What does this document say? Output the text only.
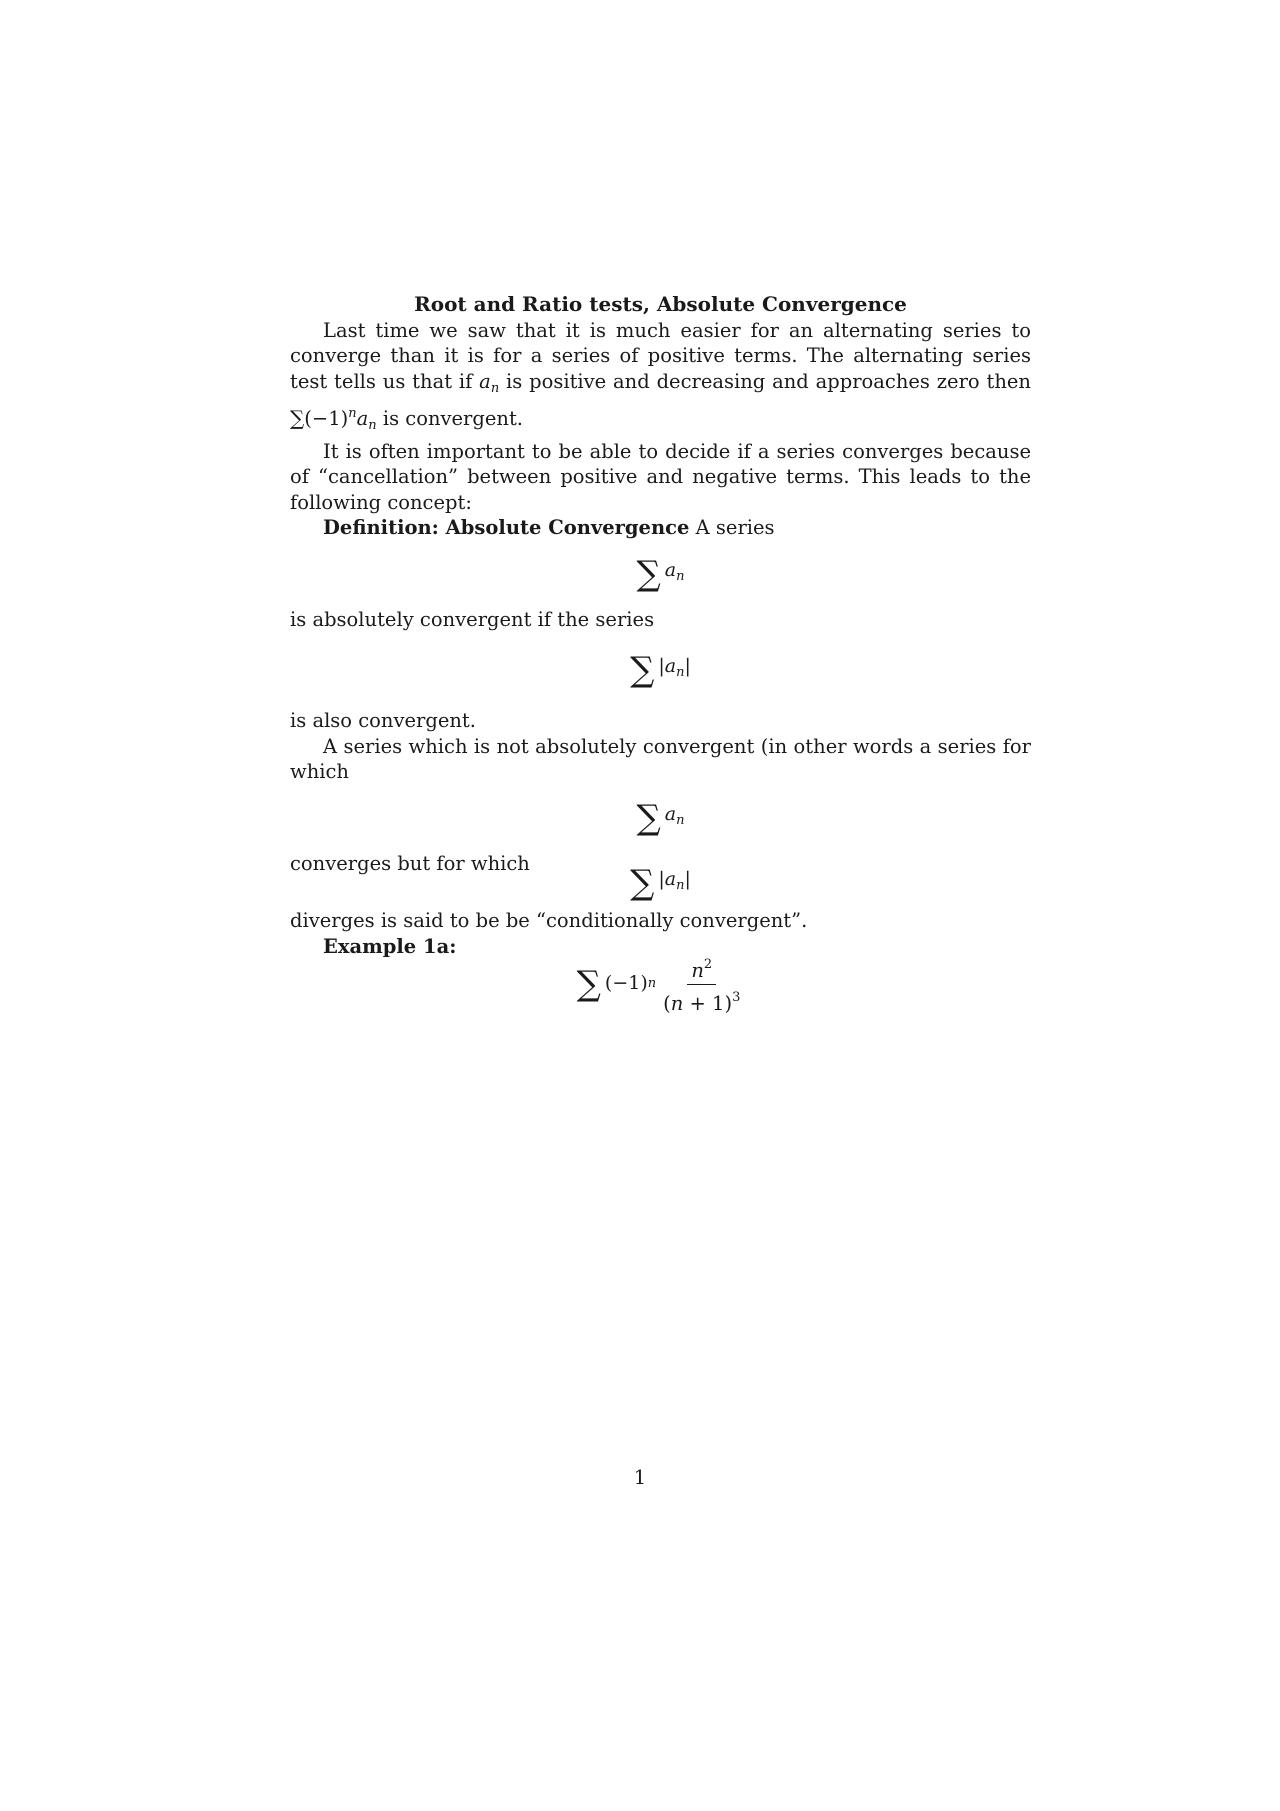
Root and Ratio tests, Absolute Convergence

Last time we saw that it is much easier for an alternating series to converge than it is for a series of positive terms. The alternating series test tells us that if $a_n$ is positive and decreasing and approaches zero then $\sum(-1)^na_n$ is convergent.

It is often important to be able to decide if a series converges because of “cancellation” between positive and negative terms. This leads to the following concept:

Definition: Absolute Convergence A series

∑ $a_n$

is absolutely convergent if the series

∑ $|a_n|$

is also convergent.

A series which is not absolutely convergent (in other words a series for which

∑ $a_n$

converges but for which	∑ $|a_n|$

diverges is said to be be “conditionally convergent”.

Example 1a:

∑ (−1) n $\frac{n^2}{(n + 1)^3}$
1
